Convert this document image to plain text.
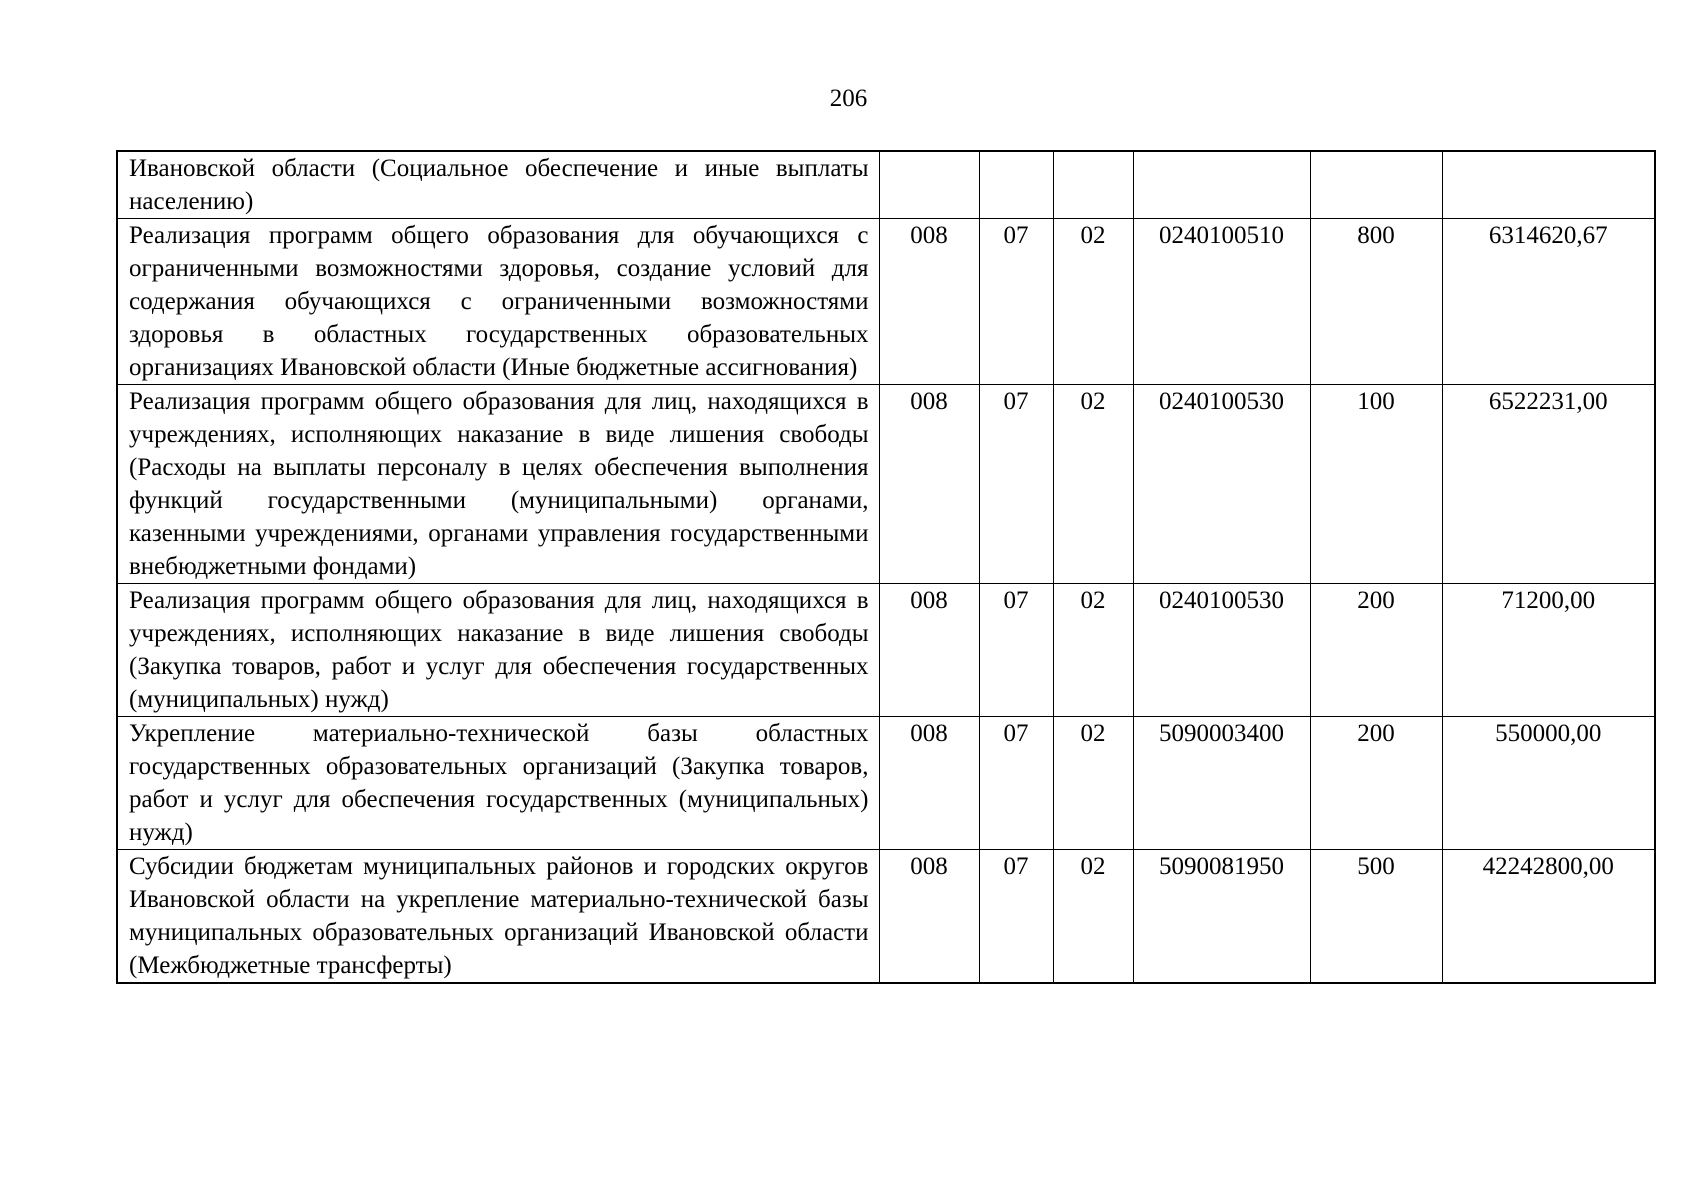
206
Ивановской области (Социальное обеспечение и иные выплаты населению)						
Реализация программ общего образования для обучающихся с ограниченными возможностями здоровья, создание условий для содержания обучающихся с ограниченными возможностями здоровья в областных государственных образовательных организациях Ивановской области (Иные бюджетные ассигнования)	008	07	02	0240100510	800	6314620,67
Реализация программ общего образования для лиц, находящихся в учреждениях, исполняющих наказание в виде лишения свободы (Расходы на выплаты персоналу в целях обеспечения выполнения функций государственными (муниципальными) органами, казенными учреждениями, органами управления государственными внебюджетными фондами)	008	07	02	0240100530	100	6522231,00
Реализация программ общего образования для лиц, находящихся в учреждениях, исполняющих наказание в виде лишения свободы (Закупка товаров, работ и услуг для обеспечения государственных (муниципальных) нужд)	008	07	02	0240100530	200	71200,00
Укрепление материально-технической базы областных государственных образовательных организаций (Закупка товаров, работ и услуг для обеспечения государственных (муниципальных) нужд)	008	07	02	5090003400	200	550000,00
Субсидии бюджетам муниципальных районов и городских округов Ивановской области на укрепление материально-технической базы муниципальных образовательных организаций Ивановской области (Межбюджетные трансферты)	008	07	02	5090081950	500	42242800,00
